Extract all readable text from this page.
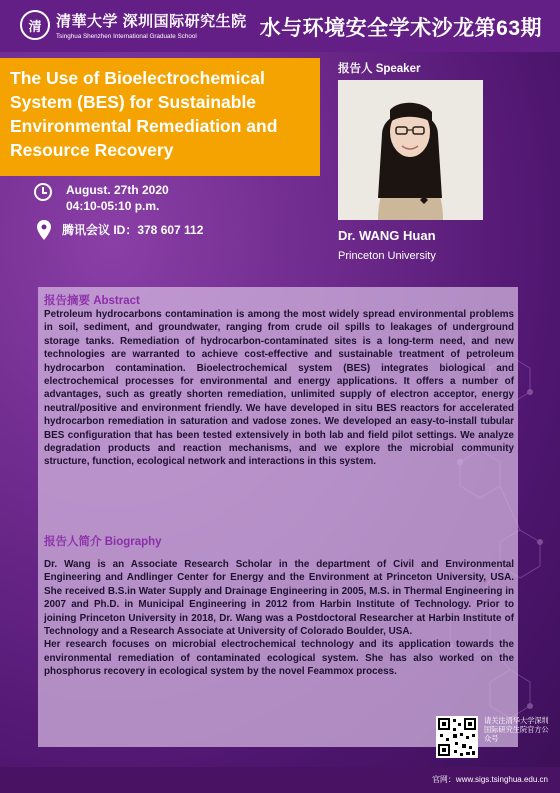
清 清華大学 深圳国际研究生院
Tsinghua Shenzhen International Graduate School	水与环境安全学术沙龙第63期
The Use of Bioelectrochemical System (BES) for Sustainable Environmental Remediation and Resource Recovery
报告人 Speaker
Dr. WANG Huan
Princeton University
August. 27th 2020
04:10-05:10 p.m.
腾讯会议 ID：378 607 112
报告摘要 Abstract

Petroleum hydrocarbons contamination is among the most widely spread environmental problems in soil, sediment, and groundwater, ranging from crude oil spills to leakages of underground storage tanks. Remediation of hydrocarbon-contaminated sites is a long-term need, and new technologies are warranted to achieve cost-effective and sustainable treatment of petroleum hydrocarbon contamination. Bioelectrochemical system (BES) integrates biological and electrochemical processes for environmental and energy applications. It offers a number of advantages, such as greatly shorten remediation, unlimited supply of electron acceptor, energy neutral/positive and environment friendly. We have developed in situ BES reactors for accelerated hydrocarbon remediation in saturation and vadose zones. We developed an easy-to-install tubular BES configuration that has been tested extensively in both lab and field pilot settings. We analyze degradation products and reaction mechanisms, and we explore the microbial community structure, function, ecological network and interactions in this system.

报告人简介 Biography

Dr. Wang is an Associate Research Scholar in the department of Civil and Environmental Engineering and Andlinger Center for Energy and the Environment at Princeton University, USA. She received B.S.in Water Supply and Drainage Engineering in 2005, M.S. in Thermal Engineering in 2007 and Ph.D. in Municipal Engineering in 2012 from Harbin Institute of Technology. Prior to joining Princeton University in 2018, Dr. Wang was a Postdoctoral Researcher at Harbin Institute of Technology and a Research Associate at University of Colorado Boulder, USA.

Her research focuses on microbial electrochemical technology and its application towards the environmental remediation of contaminated ecological system. She has also worked on the phosphorus recovery in ecological system by the novel Feammox process.

请关注清华大学深圳国际研究生院官方公众号
官网：www.sigs.tsinghua.edu.cn
